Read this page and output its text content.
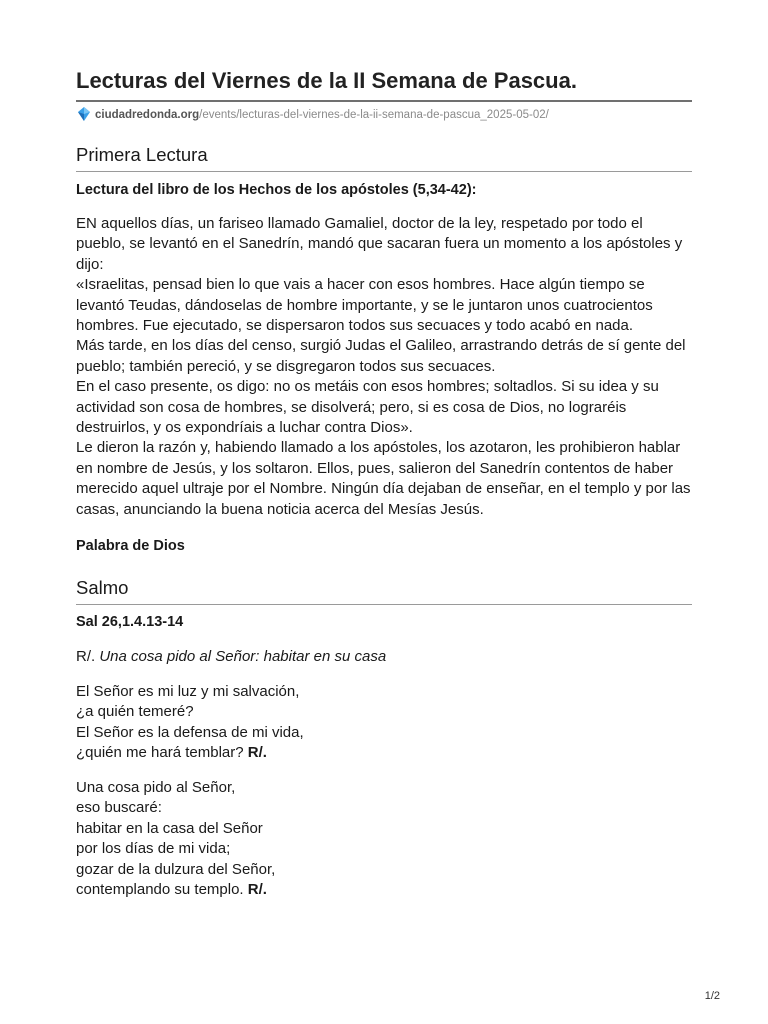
Lecturas del Viernes de la II Semana de Pascua.
ciudadredonda.org/events/lecturas-del-viernes-de-la-ii-semana-de-pascua_2025-05-02/
Primera Lectura
Lectura del libro de los Hechos de los apóstoles (5,34-42):

EN aquellos días, un fariseo llamado Gamaliel, doctor de la ley, respetado por todo el pueblo, se levantó en el Sanedrín, mandó que sacaran fuera un momento a los apóstoles y dijo:

«Israelitas, pensad bien lo que vais a hacer con esos hombres. Hace algún tiempo se levantó Teudas, dándoselas de hombre importante, y se le juntaron unos cuatrocientos hombres. Fue ejecutado, se dispersaron todos sus secuaces y todo acabó en nada.

Más tarde, en los días del censo, surgió Judas el Galileo, arrastrando detrás de sí gente del pueblo; también pereció, y se disgregaron todos sus secuaces.

En el caso presente, os digo: no os metáis con esos hombres; soltadlos. Si su idea y su actividad son cosa de hombres, se disolverá; pero, si es cosa de Dios, no lograréis destruirlos, y os expondríais a luchar contra Dios».

Le dieron la razón y, habiendo llamado a los apóstoles, los azotaron, les prohibieron hablar en nombre de Jesús, y los soltaron. Ellos, pues, salieron del Sanedrín contentos de haber merecido aquel ultraje por el Nombre. Ningún día dejaban de enseñar, en el templo y por las casas, anunciando la buena noticia acerca del Mesías Jesús.

Palabra de Dios
Salmo
Sal 26,1.4.13-14
R/. Una cosa pido al Señor: habitar en su casa
El Señor es mi luz y mi salvación,
¿a quién temeré?
El Señor es la defensa de mi vida,
¿quién me hará temblar? R/.
Una cosa pido al Señor,
eso buscaré:
habitar en la casa del Señor
por los días de mi vida;
gozar de la dulzura del Señor,
contemplando su templo. R/.
1/2
